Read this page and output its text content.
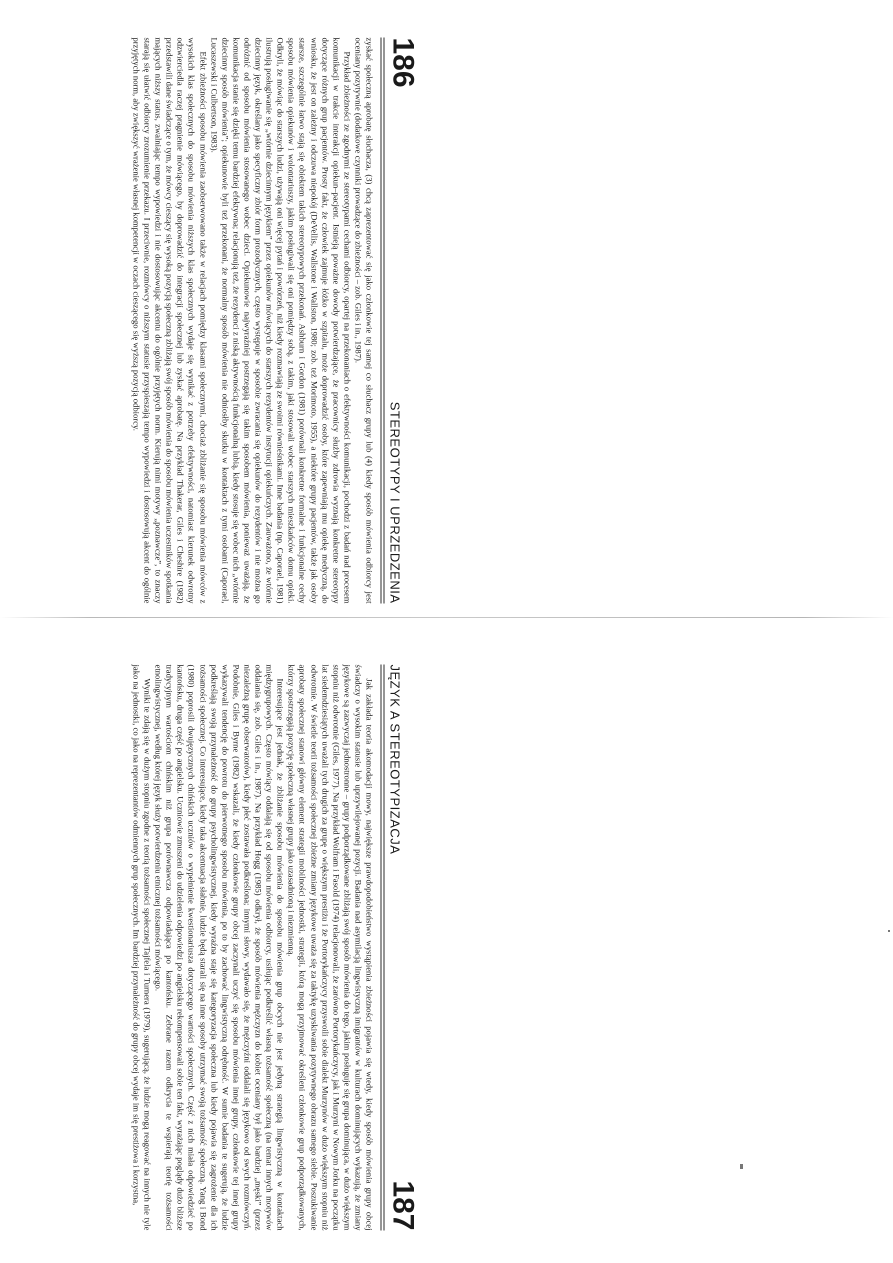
186
STEREOTYPY I UPRZEDZENIA

zyskać społeczną aprobatę słuchacza, (3) chcą zaprezentować się jako członkowie tej samej co słuchacz grupy lub (4) kiedy sposób mówienia odbiorcy jest oceniany pozytywnie (dodatkowe czynniki prowadzące do zbieżności – zob. Giles i in., 1987).

Przykład zbieżności ze zgodnymi ze stereotypami cechami odbiorcy, opartej na przekonaniach o efektywności komunikacji, pochodzi z badań nad procesem komunikacji w trakcie interakcji opiekun–pacjent. Istnieją poważne dowody potwierdzające, że pracownicy służby zdrowia wyznają konkretne stereotypy dotyczące różnych grup pacjentów. Prosty fakt, że człowiek zajmuje łóżko w szpitalu, może doprowadzić osoby, które zapewniają mu opiekę medyczną, do wniosku, że jest on zależny i odczuwa niepokój (DeVellis, Wallstone i Wallston, 1980; zob. też Morimoto, 1955), a niektóre grupy pacjentów, także jak osoby starsze, szczególnie łatwo stają się obiektem takich stereotypowych przekonań. Ashburn i Gordon (1981) porównali konkretne formalne i funkcjonalne cechy sposobu mówienia opiekunów i wolontariuszy, jakim posługiwali się oni pomiędzy sobą, z takim, jaki stosowali wobec starszych mieszkańców domu opieki. Odkryli, że mówiąc do starszych ludzi, używają oni więcej pytań i powtórzeń, niż kiedy rozmawiają ze swoimi równieśnikami. Inne badania (np. Caporael, 1981) ilustrują posługiwanie się „wtórnie dziecinnym językiem” przez opiekunów mówiących do starszych rezydentów instytucji opiekuńczych. Zauważono, że wtórnie dziecinny język, określany jako specyficzny zbiór form prozodycznych, często występuje w sposobie zwracania się opiekunów do rezydentów i nie można go odróżnić od sposobu mówienia stosowanego wobec dzieci. Opiekunowie najwyraźniej postrzegają się takim sposobem mówienia, ponieważ uważają, że komunikacja stanie się dzięki temu bardziej efektywna; relacjonują też, że rezydenci z niską aktywnością funkcjonalną lubią, kiedy stosuje się wobec nich „wtórnie dziecinny sposób mówienia”; opiekunowie byli też przekonani, że normalny sposób mówienia nie odniosłby skutku w kontaktach z tymi osobami (Caporael, Lucaszewski i Culbertson, 1983).

Efekt zbieżności sposobu mówienia zaobserwowano także w relacjach pomiędzy klasami społecznymi, chociaż zbliżanie się sposobu mówienia mówców z wysokich klas społecznych do sposobu mówienia niższych klas społecznych wydaje się wynikać z potrzeby efektywności, natomiast kierunek odwrotny odzwierciedla raczej pragnienie mówiącego, by doprowadzić do integracji społecznej lub zyskać aprobatę. Na przykład Thakerar, Giles i Cheshire (1982) przedstawili dane świadczące o tym, że mówcy cieszący się wysoką pozycją społeczną zbliżają swój sposób mówienia do sposobu mówienia uczestników spotkania mających niższy status, zwalniając tempo wypowiedzi i nie dostosowując akcentu do ogólnie przyjętych norm. Kierują nimi motywy „poznawcze”, to znaczy starają się ułatwić odbiorcy zrozumienie przekazu. I przeciwnie, rozmówcy o niższym statusie przyspieszają tempo wypowiedzi i dostosowują akcent do ogólnie przyjętych norm, aby zwiększyć wrażenie własnej kompetencji w oczach cieszącego się wyższą pozycją odbiorcy.

JĘZYK A STEREOTYPIZACJA
187

Jak zakłada teoria akomodacji mowy, największe prawdopodobieństwo wystąpienia zbieżności pojawia się wtedy, kiedy sposób mówienia grupy obcej świadczy o wysokim statusie lub uprzywilejowanej pozycji. Badania nad asymilacją lingwistyczną imigrantów w kulturach dominujących wykazują, że zmiany językowe są zazwyczaj jednostronne – grupy podporządkowane zbliżają swój sposób mówienia do tego, jakim posługuje się grupa dominująca, w dużo większym stopniu niż odwrotnie (Giles, 1977). Na przykład Wolfram i Fasold (1974) relacjonowali, że zarówno Portorykańczycy, jak i Murzyni w Nowym Jorku na początku lat siedemdziesiątych uważali tych drugich za grupę o większym prestiżu i że Portorykańczycy przyswoili sobie dialekt Murzynów w dużo większym stopniu niż odwrotnie. W świetle teorii tożsamości społecznej zbieżne zmiany językowe uważa się za taktykę uzyskiwania pozytywnego obrazu samego siebie. Poszukiwanie aprobaty społecznej stanowi główny element strategii mobilności jednostki, strategii, którą mogą przyjmować określeni członkowie grup podporządkowanych, którzy spostrzegają pozycję społeczną własnej grupy jako uzasadnioną i niezmienną.

Interesujące jest jednak, że zbliżanie sposobu mówienia do sposobu mówienia grup obcych nie jest jedyną strategią lingwistyczną w kontaktach międzygrupowych. Często mówiący oddalają się od sposobu mówienia odbiorcy, usiłując podkreślić własną tożsamość społeczną (na temat innych motywów oddalania się, zob. Giles i in., 1987). Na przykład Hogg (1985) odkrył, że sposób mówienia mężczyzn do kobiet oceniany był jako bardziej „męski” (przez niezależną grupę obserwatorów), kiedy płeć zostawała podkreślona; innymi słowy, wydawało się, że mężczyźni oddalali się językowo od swych rozmówczyń. Podobnie, Giles i Byrne (1982) wskazali, że kiedy członkowie grupy obcej zaczynali uczyć się sposobu mówienia innej grupy, członkowie tej innej grupy wykazywali tendencję do powrotu do pierwotnego sposobu mówienia, po to by zachować lingwistyczną odrębność. W sumie badania te sugerują, że ludzie podkreślają swoją przynależność do grupy psycholingwistycznej, kiedy wyraźna staje się kategoryzacja społeczna lub kiedy pojawia się zagrożenie dla ich tożsamości społecznej. Co interesujące, kiedy taka akcentuacja słabnie, ludzie będą starali się na inne sposoby utrzymać swoją tożsamość społeczną. Yang i Bond (1980) poprosili dwujęzycznych chińskich uczniów o wypełnienie kwestionariusza dotyczącego wartości społecznych. Część z nich miała odpowiedzieć po kantońsku, druga część po angielsku. Uczniowie zmuszeni do udzielenia odpowiedzi po angielsku rekompensowali sobie ten fakt, wyrażając poglądy dużo bliższe tradycyjnym wartościom chińskim niż grupa porównawcza odpowiadająca po kantońsku. Zebrane razem odkrycia te wspierają teorię tożsamości etnolingwistycznej, według której język służy potwierdzeniu etnicznej tożsamości mówiącego.

Wyniki te zdają się w dużym stopniu zgodne z teorią tożsamości społecznej Tajfela i Turnera (1979), sugerującą, że ludzie mogą reagować na innych nie tyle jako na jednostki, co jako na reprezentantów odmiennych grup społecznych. Im bardziej przynależność do grupy obcej wydaje im się prestiżowa i korzystna,
